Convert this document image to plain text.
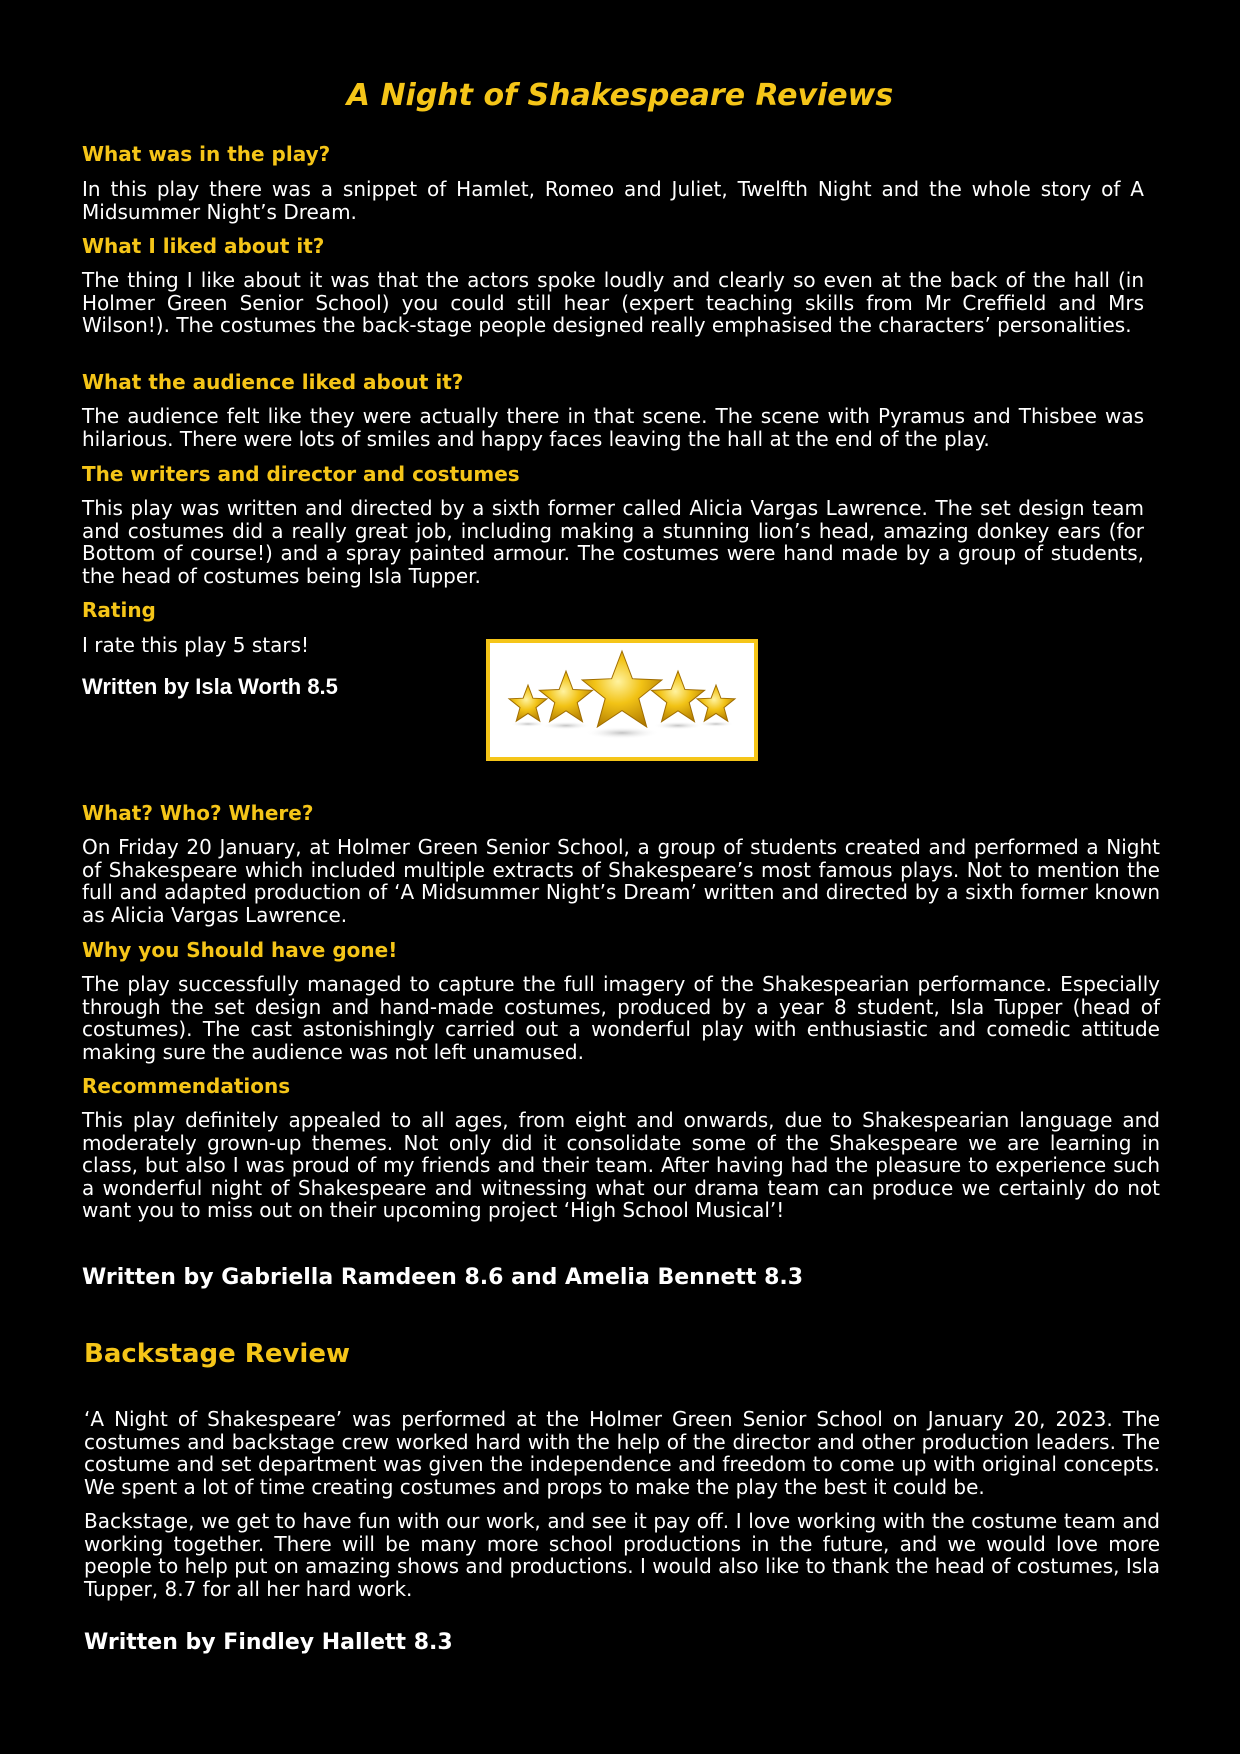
A Night of Shakespeare Reviews
What was in the play?

In this play there was a snippet of Hamlet, Romeo and Juliet, Twelfth Night and the whole story of A Midsummer Night’s Dream.

What I liked about it?

The thing I like about it was that the actors spoke loudly and clearly so even at the back of the hall (in Holmer Green Senior School) you could still hear (expert teaching skills from Mr Creffield and Mrs Wilson!). The costumes the back-stage people designed really emphasised the characters’ personalities.

What the audience liked about it?

The audience felt like they were actually there in that scene. The scene with Pyramus and Thisbee was hilarious. There were lots of smiles and happy faces leaving the hall at the end of the play.

The writers and director and costumes

This play was written and directed by a sixth former called Alicia Vargas Lawrence. The set design team and costumes did a really great job, including making a stunning lion’s head, amazing donkey ears (for Bottom of course!) and a spray painted armour. The costumes were hand made by a group of students, the head of costumes being Isla Tupper.

Rating
I rate this play 5 stars!
Written by Isla Worth 8.5
What? Who? Where?

On Friday 20 January, at Holmer Green Senior School, a group of students created and performed a Night of Shakespeare which included multiple extracts of Shakespeare’s most famous plays. Not to mention the full and adapted production of ‘A Midsummer Night’s Dream’ written and directed by a sixth former known as Alicia Vargas Lawrence.

Why you Should have gone!

The play successfully managed to capture the full imagery of the Shakespearian performance. Especially through the set design and hand-made costumes, produced by a year 8 student, Isla Tupper (head of costumes). The cast astonishingly carried out a wonderful play with enthusiastic and comedic attitude making sure the audience was not left unamused.

Recommendations

This play definitely appealed to all ages, from eight and onwards, due to Shakespearian language and moderately grown-up themes. Not only did it consolidate some of the Shakespeare we are learning in class, but also I was proud of my friends and their team. After having had the pleasure to experience such a wonderful night of Shakespeare and witnessing what our drama team can produce we certainly do not want you to miss out on their upcoming project ‘High School Musical’!

Written by Gabriella Ramdeen 8.6 and Amelia Bennett 8.3
Backstage Review

‘A Night of Shakespeare’ was performed at the Holmer Green Senior School on January 20, 2023. The costumes and backstage crew worked hard with the help of the director and other production leaders. The costume and set department was given the independence and freedom to come up with original concepts. We spent a lot of time creating costumes and props to make the play the best it could be.

Backstage, we get to have fun with our work, and see it pay off. I love working with the costume team and working together. There will be many more school productions in the future, and we would love more people to help put on amazing shows and productions. I would also like to thank the head of costumes, Isla Tupper, 8.7 for all her hard work.

Written by Findley Hallett 8.3
